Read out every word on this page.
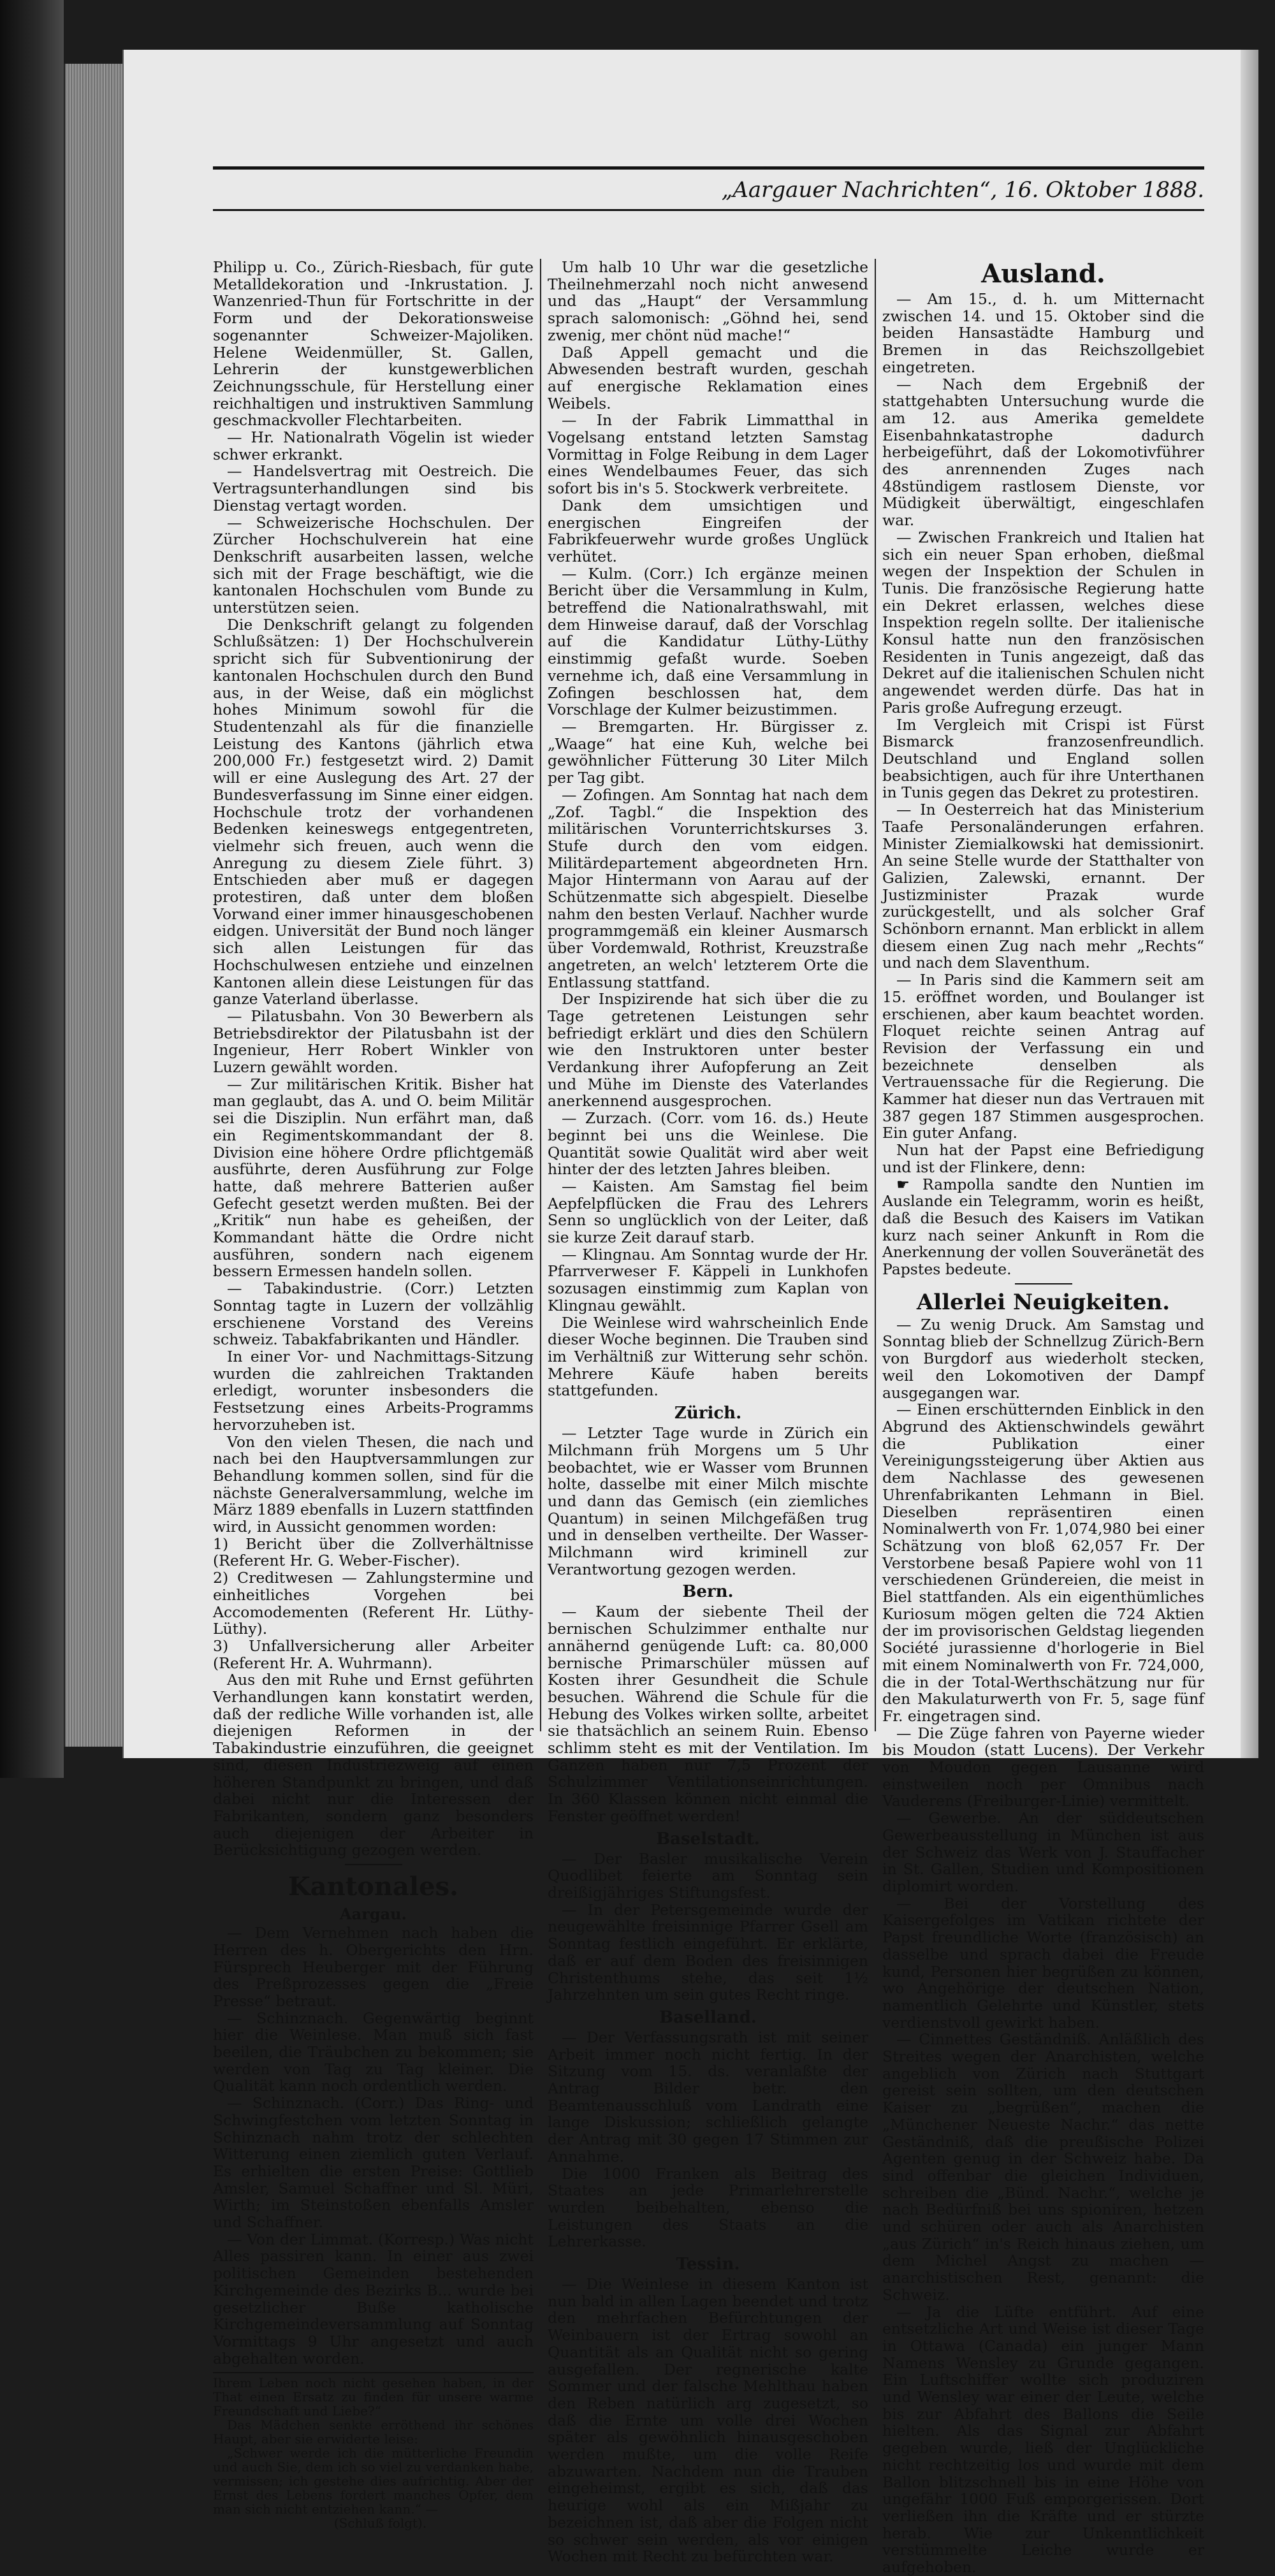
„Aargauer Nachrichten“, 16. Oktober 1888.

Philipp u. Co., Zürich-Riesbach, für gute Metalldekoration und -Inkrustation. J. Wanzenried-Thun für Fortschritte in der Form und der Dekorationsweise sogenannter Schweizer-Majoliken. Helene Weidenmüller, St. Gallen, Lehrerin der kunstgewerblichen Zeichnungsschule, für Herstellung einer reichhaltigen und instruktiven Sammlung geschmackvoller Flechtarbeiten.

— Hr. Nationalrath Vögelin ist wieder schwer erkrankt.

— Handelsvertrag mit Oestreich. Die Vertragsunterhandlungen sind bis Dienstag vertagt worden.

— Schweizerische Hochschulen. Der Zürcher Hochschulverein hat eine Denkschrift ausarbeiten lassen, welche sich mit der Frage beschäftigt, wie die kantonalen Hochschulen vom Bunde zu unterstützen seien.

Die Denkschrift gelangt zu folgenden Schlußsätzen: 1) Der Hochschulverein spricht sich für Subventionirung der kantonalen Hochschulen durch den Bund aus, in der Weise, daß ein möglichst hohes Minimum sowohl für die Studentenzahl als für die finanzielle Leistung des Kantons (jährlich etwa 200,000 Fr.) festgesetzt wird. 2) Damit will er eine Auslegung des Art. 27 der Bundesverfassung im Sinne einer eidgen. Hochschule trotz der vorhandenen Bedenken keineswegs entgegentreten, vielmehr sich freuen, auch wenn die Anregung zu diesem Ziele führt. 3) Entschieden aber muß er dagegen protestiren, daß unter dem bloßen Vorwand einer immer hinausgeschobenen eidgen. Universität der Bund noch länger sich allen Leistungen für das Hochschulwesen entziehe und einzelnen Kantonen allein diese Leistungen für das ganze Vaterland überlasse.

— Pilatusbahn. Von 30 Bewerbern als Betriebsdirektor der Pilatusbahn ist der Ingenieur, Herr Robert Winkler von Luzern gewählt worden.

— Zur militärischen Kritik. Bisher hat man geglaubt, das A. und O. beim Militär sei die Disziplin. Nun erfährt man, daß ein Regimentskommandant der 8. Division eine höhere Ordre pflichtgemäß ausführte, deren Ausführung zur Folge hatte, daß mehrere Batterien außer Gefecht gesetzt werden mußten. Bei der „Kritik“ nun habe es geheißen, der Kommandant hätte die Ordre nicht ausführen, sondern nach eigenem bessern Ermessen handeln sollen.

— Tabakindustrie. (Corr.) Letzten Sonntag tagte in Luzern der vollzählig erschienene Vorstand des Vereins schweiz. Tabakfabrikanten und Händler.

In einer Vor- und Nachmittags-Sitzung wurden die zahlreichen Traktanden erledigt, worunter insbesonders die Festsetzung eines Arbeits-Programms hervorzuheben ist.

Von den vielen Thesen, die nach und nach bei den Hauptversammlungen zur Behandlung kommen sollen, sind für die nächste Generalversammlung, welche im März 1889 ebenfalls in Luzern stattfinden wird, in Aussicht genommen worden:

1) Bericht über die Zollverhältnisse (Referent Hr. G. Weber-Fischer).

2) Creditwesen — Zahlungstermine und einheitliches Vorgehen bei Accomodementen (Referent Hr. Lüthy-Lüthy).

3) Unfallversicherung aller Arbeiter (Referent Hr. A. Wuhrmann).

Aus den mit Ruhe und Ernst geführten Verhandlungen kann konstatirt werden, daß der redliche Wille vorhanden ist, alle diejenigen Reformen in der Tabakindustrie einzuführen, die geeignet sind, diesen Industriezweig auf einen höheren Standpunkt zu bringen, und daß dabei nicht nur die Interessen der Fabrikanten, sondern ganz besonders auch diejenigen der Arbeiter in Berücksichtigung gezogen werden.

Kantonales.
Aargau.

— Dem Vernehmen nach haben die Herren des h. Obergerichts den Hrn. Fürsprech Heuberger mit der Führung des Preßprozesses gegen die „Freie Presse“ betraut.

— Schinznach. Gegenwärtig beginnt hier die Weinlese. Man muß sich fast beeilen, die Träubchen zu bekommen; sie werden von Tag zu Tag kleiner. Die Qualität kann noch ordentlich werden.

— Schinznach. (Corr.) Das Ring- und Schwingfestchen vom letzten Sonntag in Schinznach nahm trotz der schlechten Witterung einen ziemlich guten Verlauf. Es erhielten die ersten Preise: Gottlieb Amsler, Samuel Schaffner und Sl. Müri, Wirth; im Steinstoßen ebenfalls Amsler und Schaffner.

— Von der Limmat. (Korresp.) Was nicht Alles passiren kann. In einer aus zwei politischen Gemeinden bestehenden Kirchgemeinde des Bezirks B... wurde bei gesetzlicher Buße katholische Kirchgemeindeversammlung auf Sonntag Vormittags 9 Uhr angesetzt und auch abgehalten worden.

Ihrem Leben noch nicht gesehen haben, in der That einen Ersatz zu finden für unsere warme Freundschaft und Liebe?“

Das Mädchen senkte erröthend ihr schönes Haupt, aber sie erwiderte leise:

„Schwer werde ich die mütterliche Freundin und auch Sie, dem ich so viel zu verdanken habe, vermissen; ich gestehe dies aufrichtig. Aber der Ernst des Lebens fordert manches Opfer, dem man sich nicht entziehen kann.“ —

(Schluß folgt).

Um halb 10 Uhr war die gesetzliche Theilnehmerzahl noch nicht anwesend und das „Haupt“ der Versammlung sprach salomonisch: „Göhnd hei, send zwenig, mer chönt nüd mache!“

Daß Appell gemacht und die Abwesenden bestraft wurden, geschah auf energische Reklamation eines Weibels.

— In der Fabrik Limmatthal in Vogelsang entstand letzten Samstag Vormittag in Folge Reibung in dem Lager eines Wendelbaumes Feuer, das sich sofort bis in's 5. Stockwerk verbreitete.

Dank dem umsichtigen und energischen Eingreifen der Fabrikfeuerwehr wurde großes Unglück verhütet.

— Kulm. (Corr.) Ich ergänze meinen Bericht über die Versammlung in Kulm, betreffend die Nationalrathswahl, mit dem Hinweise darauf, daß der Vorschlag auf die Kandidatur Lüthy-Lüthy einstimmig gefaßt wurde. Soeben vernehme ich, daß eine Versammlung in Zofingen beschlossen hat, dem Vorschlage der Kulmer beizustimmen.

— Bremgarten. Hr. Bürgisser z. „Waage“ hat eine Kuh, welche bei gewöhnlicher Fütterung 30 Liter Milch per Tag gibt.

— Zofingen. Am Sonntag hat nach dem „Zof. Tagbl.“ die Inspektion des militärischen Vorunterrichtskurses 3. Stufe durch den vom eidgen. Militärdepartement abgeordneten Hrn. Major Hintermann von Aarau auf der Schützenmatte sich abgespielt. Dieselbe nahm den besten Verlauf. Nachher wurde programmgemäß ein kleiner Ausmarsch über Vordemwald, Rothrist, Kreuzstraße angetreten, an welch' letzterem Orte die Entlassung stattfand.

Der Inspizirende hat sich über die zu Tage getretenen Leistungen sehr befriedigt erklärt und dies den Schülern wie den Instruktoren unter bester Verdankung ihrer Aufopferung an Zeit und Mühe im Dienste des Vaterlandes anerkennend ausgesprochen.

— Zurzach. (Corr. vom 16. ds.) Heute beginnt bei uns die Weinlese. Die Quantität sowie Qualität wird aber weit hinter der des letzten Jahres bleiben.

— Kaisten. Am Samstag fiel beim Aepfelpflücken die Frau des Lehrers Senn so unglücklich von der Leiter, daß sie kurze Zeit darauf starb.

— Klingnau. Am Sonntag wurde der Hr. Pfarrverweser F. Käppeli in Lunkhofen sozusagen einstimmig zum Kaplan von Klingnau gewählt.

Die Weinlese wird wahrscheinlich Ende dieser Woche beginnen. Die Trauben sind im Verhältniß zur Witterung sehr schön. Mehrere Käufe haben bereits stattgefunden.

Zürich.

— Letzter Tage wurde in Zürich ein Milchmann früh Morgens um 5 Uhr beobachtet, wie er Wasser vom Brunnen holte, dasselbe mit einer Milch mischte und dann das Gemisch (ein ziemliches Quantum) in seinen Milchgefäßen trug und in denselben vertheilte. Der Wasser-Milchmann wird kriminell zur Verantwortung gezogen werden.

Bern.

— Kaum der siebente Theil der bernischen Schulzimmer enthalte nur annähernd genügende Luft: ca. 80,000 bernische Primarschüler müssen auf Kosten ihrer Gesundheit die Schule besuchen. Während die Schule für die Hebung des Volkes wirken sollte, arbeitet sie thatsächlich an seinem Ruin. Ebenso schlimm steht es mit der Ventilation. Im Ganzen haben nur 7,5 Prozent der Schulzimmer Ventilationseinrichtungen. In 360 Klassen können nicht einmal die Fenster geöffnet werden!

Baselstadt.

— Der Basler musikalische Verein Quodlibet feierte am Sonntag sein dreißigjähriges Stiftungsfest.

— In der Petersgemeinde wurde der neugewählte freisinnige Pfarrer Gsell am Sonntag festlich eingeführt. Er erklärte, daß er auf dem Boden des freisinnigen Christenthums stehe, das seit 1½ Jahrzehnten um sein gutes Recht ringe.

Baselland.

— Der Verfassungsrath ist mit seiner Arbeit immer noch nicht fertig. In der Sitzung vom 15. ds. veranlaßte der Antrag Bilder betr. den Beamtenausschluß vom Landrath eine lange Diskussion; schließlich gelangte der Antrag mit 30 gegen 17 Stimmen zur Annahme.

Die 1000 Franken als Beitrag des Staates an jede Primarlehrerstelle wurden beibehalten, ebenso die Leistungen des Staats an die Lehrerkasse.

Tessin.

— Die Weinlese in diesem Kanton ist nun bald in allen Lagen beendet und trotz den mehrfachen Befürchtungen der Weinbauern ist der Ertrag sowohl an Quantität als an Qualität nicht so gering ausgefallen. Der regnerische kalte Sommer und der falsche Mehlthau haben den Reben natürlich arg zugesetzt, so daß die Ernte um volle drei Wochen später als gewöhnlich hinausgeschoben werden mußte, um die volle Reife abzuwarten. Nachdem nun die Trauben eingeheimst, ergibt es sich, daß das heurige wohl als ein Mißjahr zu bezeichnen ist, daß aber die Folgen nicht so schwer sein werden, als vor einigen Wochen mit Recht zu befürchten war.

Ausland.

— Am 15., d. h. um Mitternacht zwischen 14. und 15. Oktober sind die beiden Hansastädte Hamburg und Bremen in das Reichszollgebiet eingetreten.

— Nach dem Ergebniß der stattgehabten Untersuchung wurde die am 12. aus Amerika gemeldete Eisenbahnkatastrophe dadurch herbeigeführt, daß der Lokomotivführer des anrennenden Zuges nach 48stündigem rastlosem Dienste, vor Müdigkeit überwältigt, eingeschlafen war.

— Zwischen Frankreich und Italien hat sich ein neuer Span erhoben, dießmal wegen der Inspektion der Schulen in Tunis. Die französische Regierung hatte ein Dekret erlassen, welches diese Inspektion regeln sollte. Der italienische Konsul hatte nun den französischen Residenten in Tunis angezeigt, daß das Dekret auf die italienischen Schulen nicht angewendet werden dürfe. Das hat in Paris große Aufregung erzeugt.

Im Vergleich mit Crispi ist Fürst Bismarck franzosenfreundlich. Deutschland und England sollen beabsichtigen, auch für ihre Unterthanen in Tunis gegen das Dekret zu protestiren.

— In Oesterreich hat das Ministerium Taafe Personaländerungen erfahren. Minister Ziemialkowski hat demissionirt. An seine Stelle wurde der Statthalter von Galizien, Zalewski, ernannt. Der Justizminister Prazak wurde zurückgestellt, und als solcher Graf Schönborn ernannt. Man erblickt in allem diesem einen Zug nach mehr „Rechts“ und nach dem Slaventhum.

— In Paris sind die Kammern seit am 15. eröffnet worden, und Boulanger ist erschienen, aber kaum beachtet worden. Floquet reichte seinen Antrag auf Revision der Verfassung ein und bezeichnete denselben als Vertrauenssache für die Regierung. Die Kammer hat dieser nun das Vertrauen mit 387 gegen 187 Stimmen ausgesprochen. Ein guter Anfang.

Nun hat der Papst eine Befriedigung und ist der Flinkere, denn:

☛ Rampolla sandte den Nuntien im Auslande ein Telegramm, worin es heißt, daß die Besuch des Kaisers im Vatikan kurz nach seiner Ankunft in Rom die Anerkennung der vollen Souveränetät des Papstes bedeute.

Allerlei Neuigkeiten.

— Zu wenig Druck. Am Samstag und Sonntag blieb der Schnellzug Zürich-Bern von Burgdorf aus wiederholt stecken, weil den Lokomotiven der Dampf ausgegangen war.

— Einen erschütternden Einblick in den Abgrund des Aktienschwindels gewährt die Publikation einer Vereinigungssteigerung über Aktien aus dem Nachlasse des gewesenen Uhrenfabrikanten Lehmann in Biel. Dieselben repräsentiren einen Nominalwerth von Fr. 1,074,980 bei einer Schätzung von bloß 62,057 Fr. Der Verstorbene besaß Papiere wohl von 11 verschiedenen Gründereien, die meist in Biel stattfanden. Als ein eigenthümliches Kuriosum mögen gelten die 724 Aktien der im provisorischen Geldstag liegenden Société jurassienne d'horlogerie in Biel mit einem Nominalwerth von Fr. 724,000, die in der Total-Werthschätzung nur für den Makulaturwerth von Fr. 5, sage fünf Fr. eingetragen sind.

— Die Züge fahren von Payerne wieder bis Moudon (statt Lucens). Der Verkehr von Moudon gegen Lausanne wird einstweilen noch per Omnibus nach Vauderens (Freiburger-Linie) vermittelt.

— Gewerbe. An der süddeutschen Gewerbeausstellung in München ist aus der Schweiz das Werk von J. Stauffacher in St. Gallen, Studien und Kompositionen diplomirt worden.

— Bei der Vorstellung des Kaisergefolges im Vatikan richtete der Papst freundliche Worte (französisch) an dasselbe und sprach dabei die Freude kund, Personen hier begrüßen zu können, wo Angehörige der deutschen Nation, namentlich Gelehrte und Künstler, stets verdienstvoll gewirkt haben.

— Cinnettes Geständniß. Anläßlich des Streites wegen der Anarchisten, welche angeblich von Zürich nach Stuttgart gereist sein sollten, um den deutschen Kaiser zu „begrüßen“, machen die „Münchener Neueste Nachr.“ das nette Geständniß, daß die preußische Polizei Agenten genug in der Schweiz habe. Da sind offenbar die gleichen Individuen, schreiben die „Bünd. Nachr.“, welche je nach Bedürfniß bei uns spioniren, hetzen und schüren oder auch als Anarchisten „aus Zürich“ in's Reich hinaus ziehen, um dem Michel Angst zu machen — anarchistischen Rest, genannt: die Schweiz.

— Ja die Lüfte entführt. Auf eine entsetzliche Art und Weise ist dieser Tage in Ottawa (Canada) ein junger Mann Namens Wensley zu Grunde gegangen. Ein Luftschiffer wollte sich produziren und Wensley war einer der Leute, welche bis zur Abfahrt des Ballons die Seile hielten. Als das Signal zur Abfahrt gegeben wurde, ließ der Unglückliche nicht rechtzeitig los und wurde mit dem Ballon blitzschnell bis in eine Höhe von ungefähr 1000 Fuß emporgerissen. Dort verließen ihn die Kräfte und er stürzte herab. Wie zur Unkenntlichkeit verstümmelte Leiche wurde er aufgehoben.
